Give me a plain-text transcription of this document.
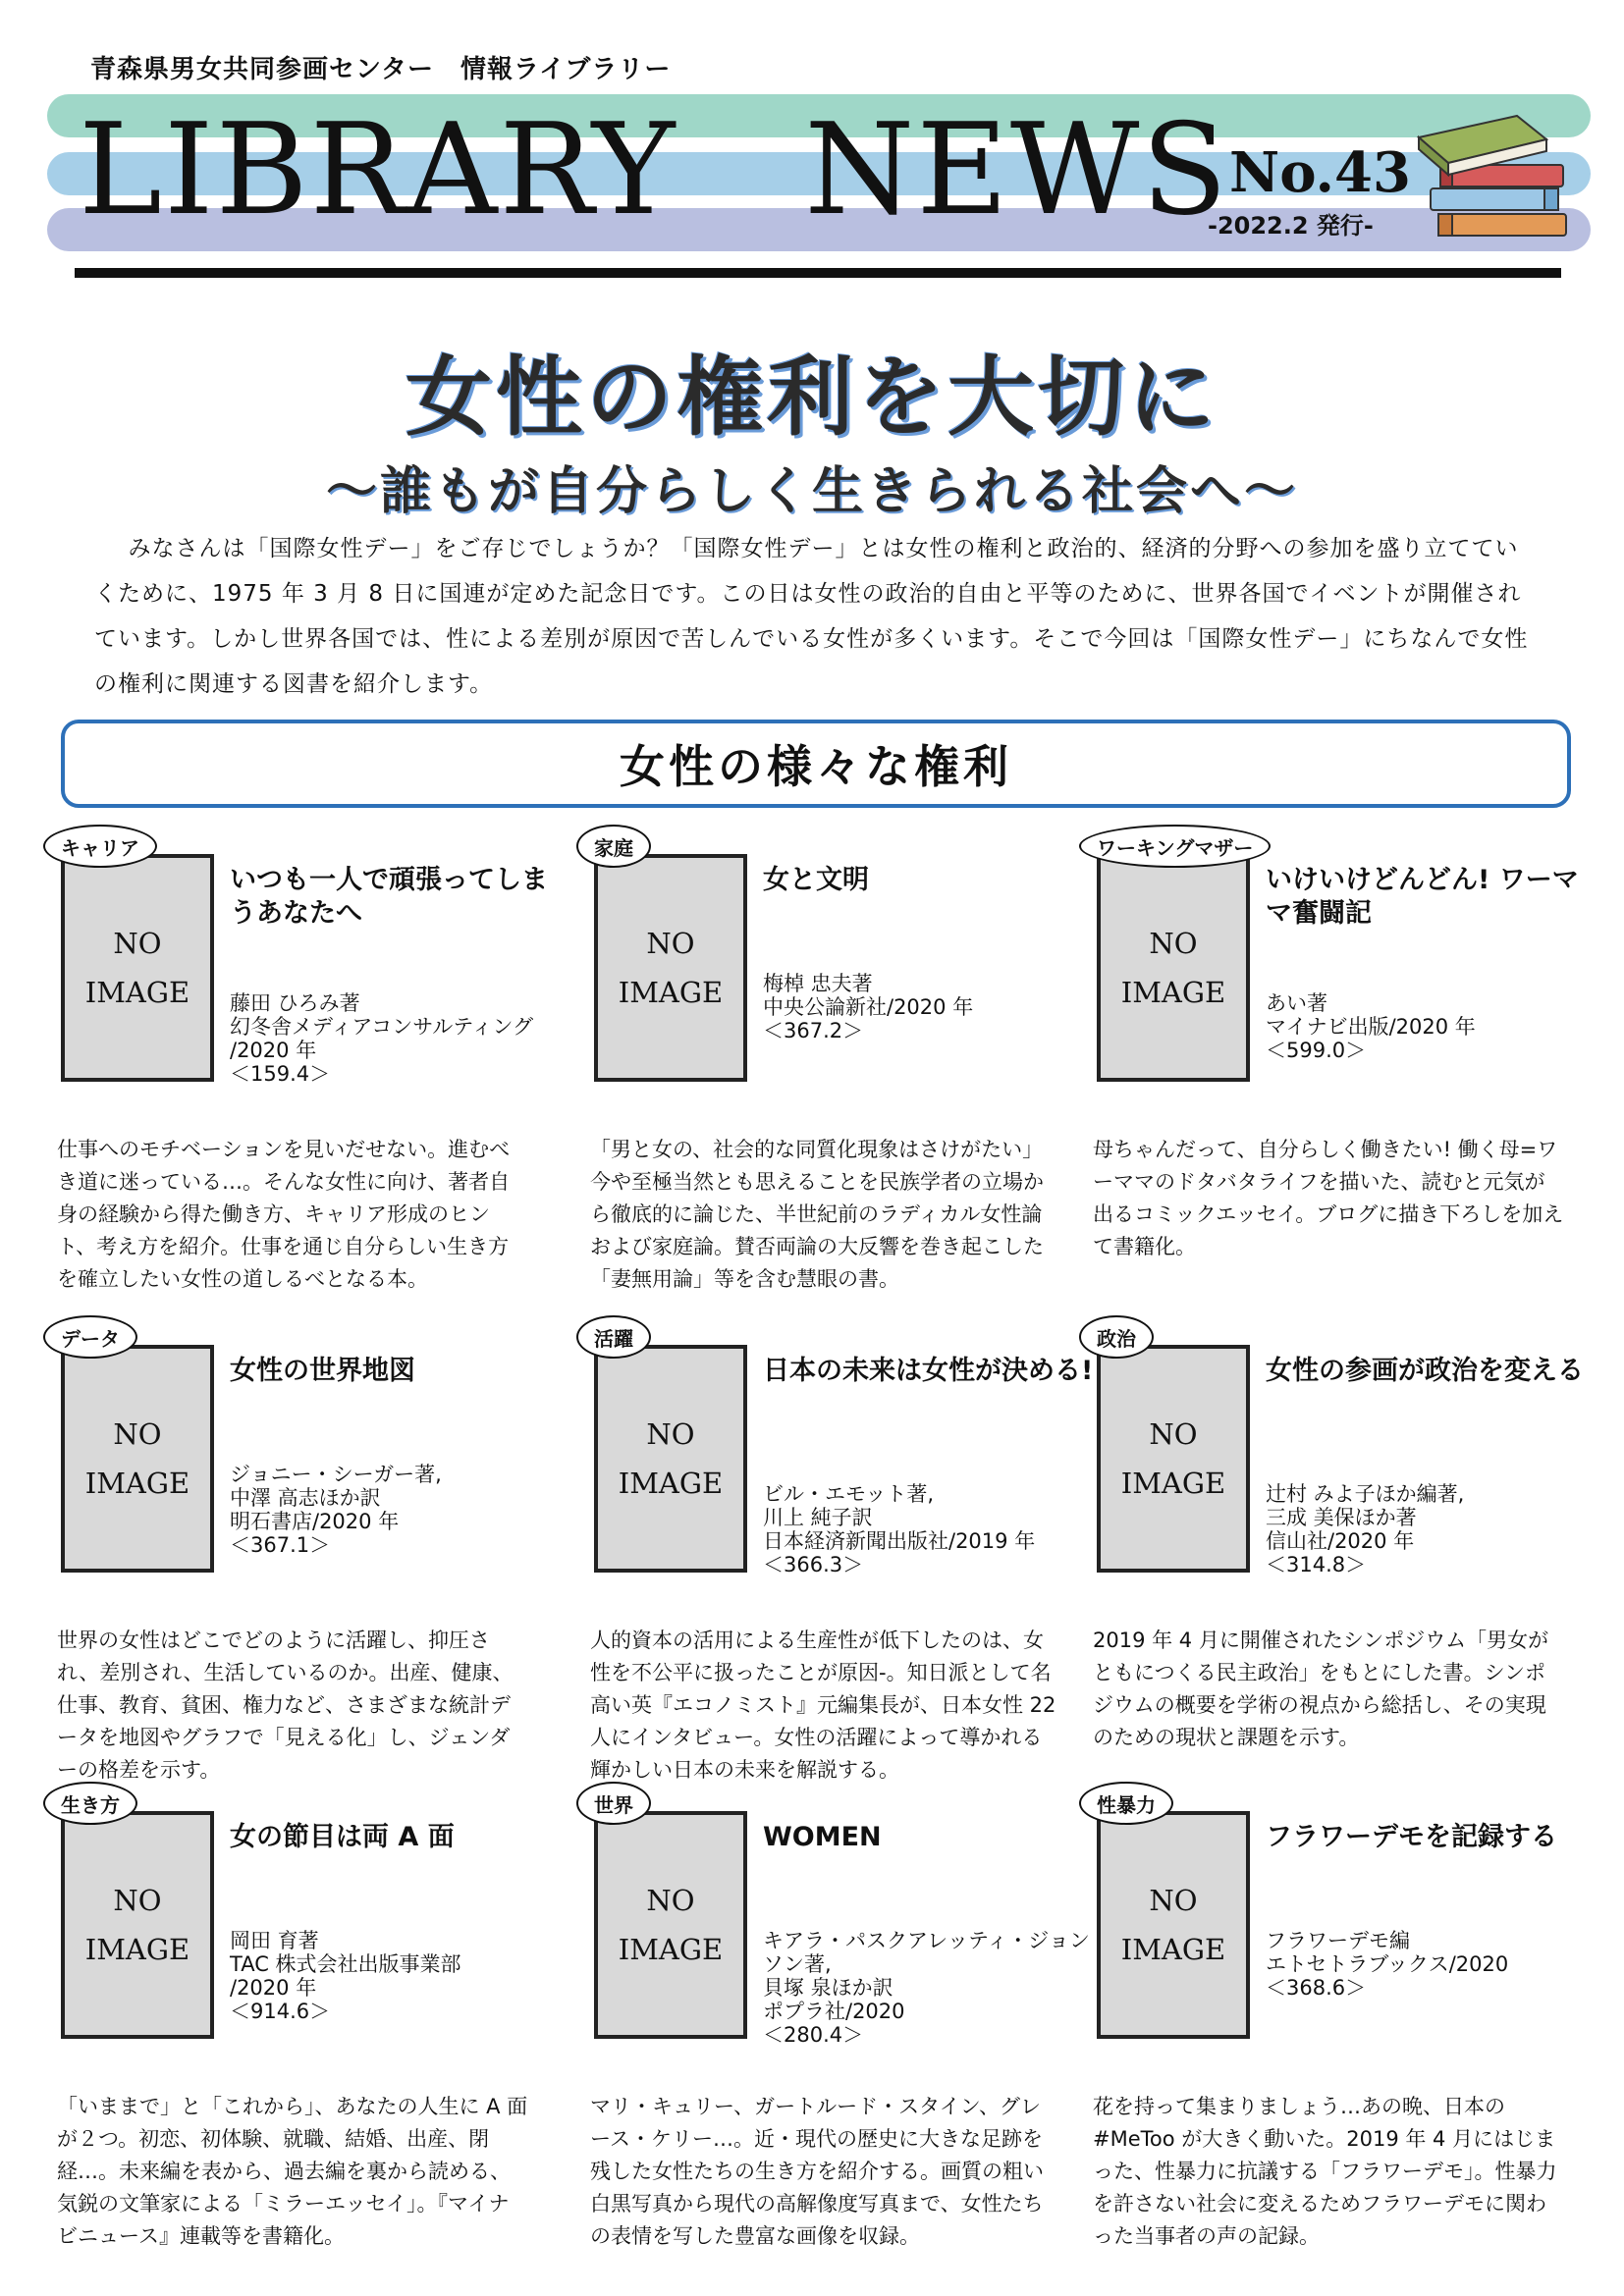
青森県男女共同参画センター　情報ライブラリー
LIBRARY　NEWS No.43
-2022.2 発行-
女性の権利を大切に
～誰もが自分らしく生きられる社会へ～
みなさんは「国際女性デー」をご存じでしょうか？「国際女性デー」とは女性の権利と政治的、経済的分野への参加を盛り立てていくために、1975 年 3 月 8 日に国連が定めた記念日です。この日は女性の政治的自由と平等のために、世界各国でイベントが開催されています。しかし世界各国では、性による差別が原因で苦しんでいる女性が多くいます。そこで今回は「国際女性デー」にちなんで女性の権利に関連する図書を紹介します。
女性の様々な権利
キャリア
NO
IMAGE
いつも一人で頑張ってしまうあなたへ
藤田 ひろみ著
幻冬舎メディアコンサルティング
/2020 年
＜159.4＞
仕事へのモチベーションを見いだせない。進むべき道に迷っている…。そんな女性に向け、著者自身の経験から得た働き方、キャリア形成のヒント、考え方を紹介。仕事を通じ自分らしい生き方を確立したい女性の道しるべとなる本。
家庭
NO
IMAGE
女と文明
梅棹 忠夫著
中央公論新社/2020 年
＜367.2＞
「男と女の、社会的な同質化現象はさけがたい」 今や至極当然とも思えることを民族学者の立場から徹底的に論じた、半世紀前のラディカル女性論および家庭論。賛否両論の大反響を巻き起こした「妻無用論」等を含む慧眼の書。
ワーキングマザー
NO
IMAGE
いけいけどんどん! ワーママ奮闘記
あい著
マイナビ出版/2020 年
＜599.0＞
母ちゃんだって、自分らしく働きたい! 働く母=ワーママのドタバタライフを描いた、読むと元気が出るコミックエッセイ。ブログに描き下ろしを加えて書籍化。
データ
NO
IMAGE
女性の世界地図
ジョニー・シーガー著,
中澤 高志ほか訳
明石書店/2020 年
＜367.1＞
世界の女性はどこでどのように活躍し、抑圧され、差別され、生活しているのか。出産、健康、仕事、教育、貧困、権力など、さまざまな統計データを地図やグラフで「見える化」し、ジェンダーの格差を示す。
活躍
NO
IMAGE
日本の未来は女性が決める!
ビル・エモット著,
川上 純子訳
日本経済新聞出版社/2019 年
＜366.3＞
人的資本の活用による生産性が低下したのは、女性を不公平に扱ったことが原因-。知日派として名高い英『エコノミスト』元編集長が、日本女性 22 人にインタビュー。女性の活躍によって導かれる輝かしい日本の未来を解説する。
政治
NO
IMAGE
女性の参画が政治を変える
辻村 みよ子ほか編著,
三成 美保ほか著
信山社/2020 年
＜314.8＞
2019 年 4 月に開催されたシンポジウム「男女がともにつくる民主政治」をもとにした書。シンポジウムの概要を学術の視点から総括し、その実現のための現状と課題を示す。
生き方
NO
IMAGE
女の節目は両 A 面
岡田 育著
TAC 株式会社出版事業部
/2020 年
＜914.6＞
「いままで」と「これから」、あなたの人生に A 面が２つ。初恋、初体験、就職、結婚、出産、閉経…。未来編を表から、過去編を裏から読める、気鋭の文筆家による「ミラーエッセイ」。『マイナビニュース』連載等を書籍化。
世界
NO
IMAGE
WOMEN
キアラ・パスクアレッティ・ジョンソン著,
貝塚 泉ほか訳
ポプラ社/2020
＜280.4＞
マリ・キュリー、ガートルード・スタイン、グレース・ケリー…。近・現代の歴史に大きな足跡を残した女性たちの生き方を紹介する。画質の粗い白黒写真から現代の高解像度写真まで、女性たちの表情を写した豊富な画像を収録。
性暴力
NO
IMAGE
フラワーデモを記録する
フラワーデモ編
エトセトラブックス/2020
＜368.6＞
花を持って集まりましょう…あの晩、日本の #MeToo が大きく動いた。2019 年 4 月にはじまった、性暴力に抗議する「フラワーデモ」。性暴力を許さない社会に変えるためフラワーデモに関わった当事者の声の記録。
